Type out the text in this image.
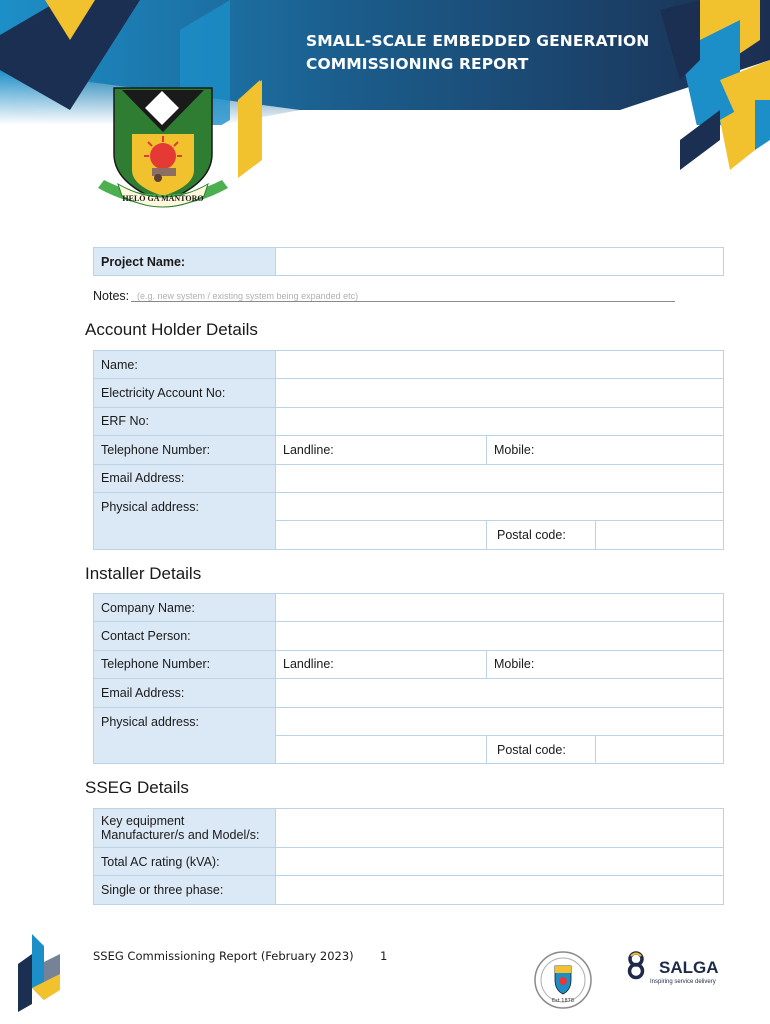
SMALL-SCALE EMBEDDED GENERATION
COMMISSIONING REPORT
HELO GA MANTORO
Project Name:	
Notes: (e.g. new system / existing system being expanded etc)
Account Holder Details
Name:			
Electricity Account No:			
ERF No:			
Telephone Number:	Landline:	Mobile:	
Email Address:			
Physical address:			
		Postal code:	
Installer Details
Company Name:			
Contact Person:			
Telephone Number:	Landline:	Mobile:	
Email Address:			
Physical address:			
		Postal code:	
SSEG Details
Key equipment
Manufacturer/s and Model/s:	

Total AC rating (kVA):	
Single or three phase:	
SSEG Commissioning Report (February 2023) 1
Est 1878
SALGA
Inspiring service delivery
